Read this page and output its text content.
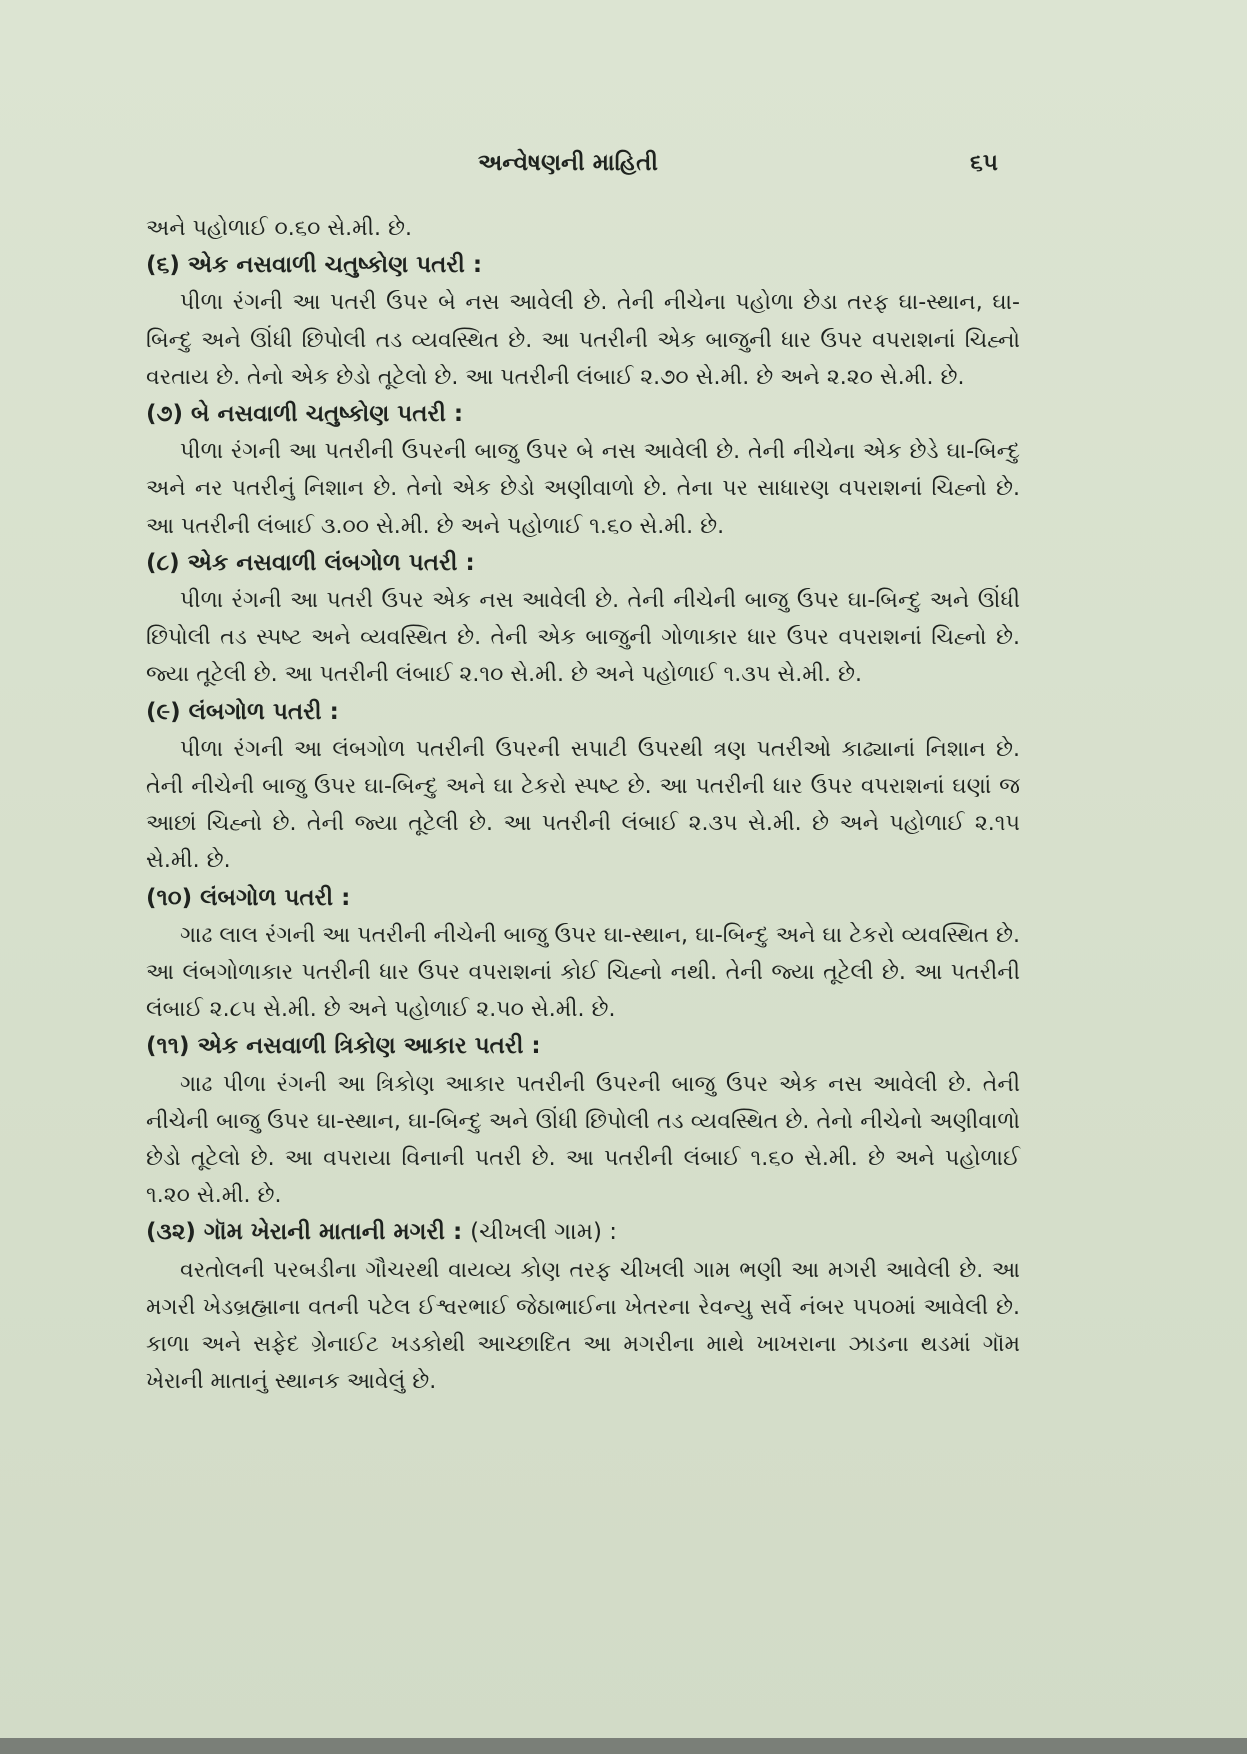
અન્વેષણની માહિતી	૬૫

અને પહોળાઈ ૦.૬૦ સે.મી. છે.

(૬) એક નસવાળી ચતુષ્કોણ પતરી :

પીળા રંગની આ પતરી ઉપર બે નસ આવેલી છે. તેની નીચેના પહોળા છેડા તરફ ઘા-સ્થાન, ઘા-બિન્દુ અને ઊંધી છિપોલી તડ વ્યવસ્થિત છે. આ પતરીની એક બાજુની ધાર ઉપર વપરાશનાં ચિહ્નો વરતાય છે. તેનો એક છેડો તૂટેલો છે. આ પતરીની લંબાઈ ૨.૭૦ સે.મી. છે અને ૨.૨૦ સે.મી. છે.

(૭) બે નસવાળી ચતુષ્કોણ પતરી :

પીળા રંગની આ પતરીની ઉપરની બાજુ ઉપર બે નસ આવેલી છે. તેની નીચેના એક છેડે ઘા-બિન્દુ અને નર પતરીનું નિશાન છે. તેનો એક છેડો અણીવાળો છે. તેના પર સાધારણ વપરાશનાં ચિહ્નો છે. આ પતરીની લંબાઈ ૩.૦૦ સે.મી. છે અને પહોળાઈ ૧.૬૦ સે.મી. છે.

(૮) એક નસવાળી લંબગોળ પતરી :

પીળા રંગની આ પતરી ઉપર એક નસ આવેલી છે. તેની નીચેની બાજુ ઉપર ઘા-બિન્દુ અને ઊંધી છિપોલી તડ સ્પષ્ટ અને વ્યવસ્થિત છે. તેની એક બાજુની ગોળાકાર ધાર ઉપર વપરાશનાં ચિહ્નો છે. જ્યા તૂટેલી છે. આ પતરીની લંબાઈ ૨.૧૦ સે.મી. છે અને પહોળાઈ ૧.૩૫ સે.મી. છે.

(૯) લંબગોળ પતરી :

પીળા રંગની આ લંબગોળ પતરીની ઉપરની સપાટી ઉપરથી ત્રણ પતરીઓ કાઢ્યાનાં નિશાન છે. તેની નીચેની બાજુ ઉપર ઘા-બિન્દુ અને ઘા ટેકરો સ્પષ્ટ છે. આ પતરીની ધાર ઉપર વપરાશનાં ઘણાં જ આછાં ચિહ્નો છે. તેની જ્યા તૂટેલી છે. આ પતરીની લંબાઈ ૨.૩૫ સે.મી. છે અને પહોળાઈ ૨.૧૫ સે.મી. છે.

(૧૦) લંબગોળ પતરી :

ગાઢ લાલ રંગની આ પતરીની નીચેની બાજુ ઉપર ઘા-સ્થાન, ઘા-બિન્દુ અને ઘા ટેકરો વ્યવસ્થિત છે. આ લંબગોળાકાર પતરીની ધાર ઉપર વપરાશનાં કોઈ ચિહ્નો નથી. તેની જ્યા તૂટેલી છે. આ પતરીની લંબાઈ ૨.૮૫ સે.મી. છે અને પહોળાઈ ૨.૫૦ સે.મી. છે.

(૧૧) એક નસવાળી ત્રિકોણ આકાર પતરી :

ગાઢ પીળા રંગની આ ત્રિકોણ આકાર પતરીની ઉપરની બાજુ ઉપર એક નસ આવેલી છે. તેની નીચેની બાજુ ઉપર ઘા-સ્થાન, ઘા-બિન્દુ અને ઊંધી છિપોલી તડ વ્યવસ્થિત છે. તેનો નીચેનો અણીવાળો છેડો તૂટેલો છે. આ વપરાયા વિનાની પતરી છે. આ પતરીની લંબાઈ ૧.૬૦ સે.મી. છે અને પહોળાઈ ૧.૨૦ સે.મી. છે.

(૩૨) ગૉમ ખેરાની માતાની મગરી : (ચીખલી ગામ) :

વરતોલની પરબડીના ગૌચરથી વાયવ્ય કોણ તરફ ચીખલી ગામ ભણી આ મગરી આવેલી છે. આ મગરી ખેડબ્રહ્માના વતની પટેલ ઈશ્વરભાઈ જેઠાભાઈના ખેતરના રેવન્યુ સર્વે નંબર ૫૫૦માં આવેલી છે. કાળા અને સફેદ ગ્રેનાઈટ ખડકોથી આચ્છાદિત આ મગરીના માથે ખાખરાના ઝાડના થડમાં ગૉમ ખેરાની માતાનું સ્થાનક આવેલું છે.
